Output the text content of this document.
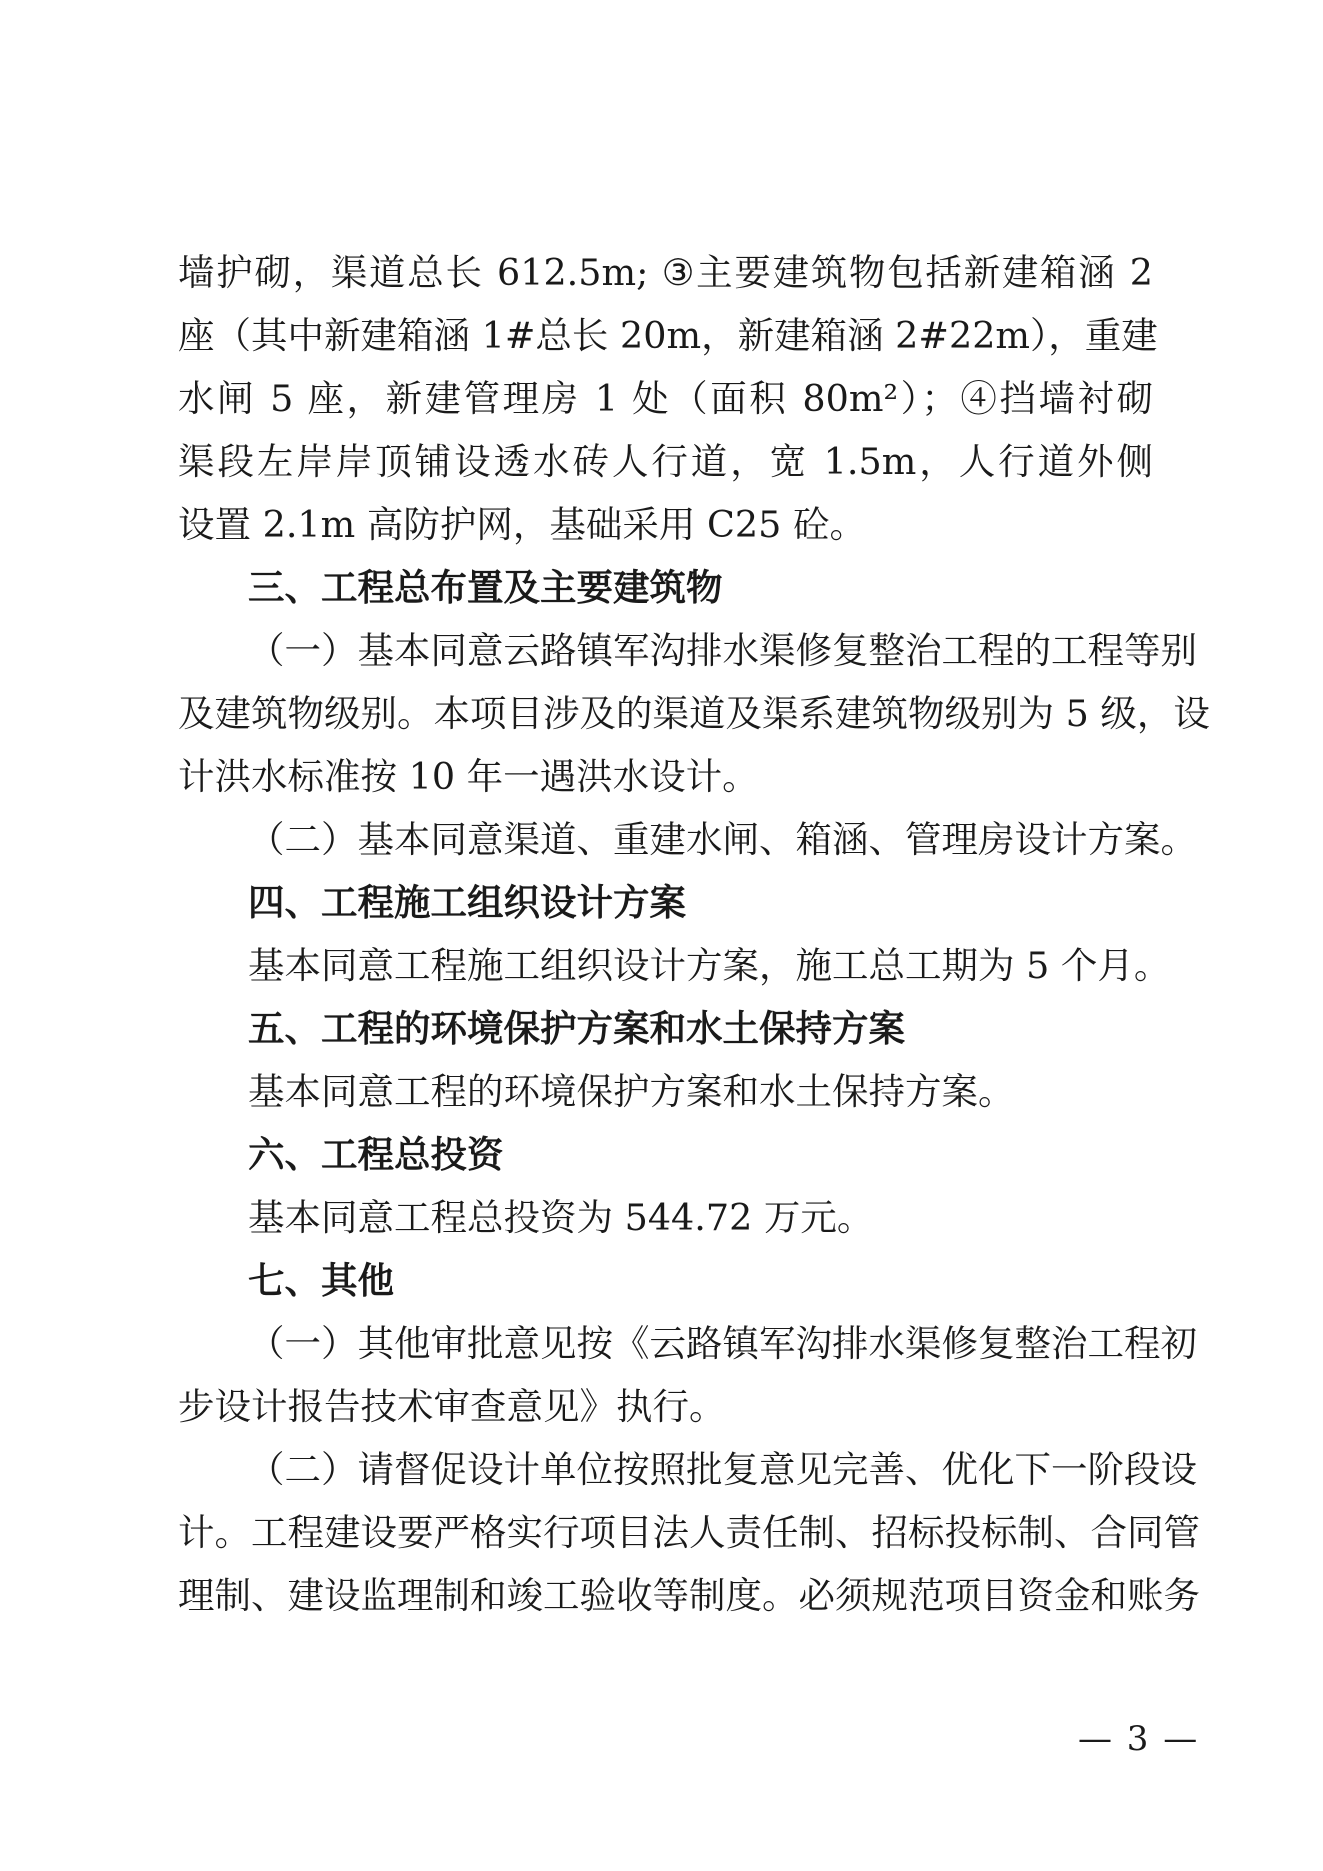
墙护砌，渠道总长 612.5m; ③主要建筑物包括新建箱涵 2
座（其中新建箱涵 1#总长 20m，新建箱涵 2#22m），重建
水闸 5 座，新建管理房 1 处（面积 80m²）；④挡墙衬砌
渠段左岸岸顶铺设透水砖人行道，宽 1.5m，人行道外侧
设置 2.1m 高防护网，基础采用 C25 砼。
三、工程总布置及主要建筑物
（一）基本同意云路镇军沟排水渠修复整治工程的工程等别
及建筑物级别。本项目涉及的渠道及渠系建筑物级别为 5 级，设
计洪水标准按 10 年一遇洪水设计。
（二）基本同意渠道、重建水闸、箱涵、管理房设计方案。
四、工程施工组织设计方案
基本同意工程施工组织设计方案，施工总工期为 5 个月。
五、工程的环境保护方案和水土保持方案
基本同意工程的环境保护方案和水土保持方案。
六、工程总投资
基本同意工程总投资为 544.72 万元。
七、其他
（一）其他审批意见按《云路镇军沟排水渠修复整治工程初
步设计报告技术审查意见》执行。
（二）请督促设计单位按照批复意见完善、优化下一阶段设
计。工程建设要严格实行项目法人责任制、招标投标制、合同管
理制、建设监理制和竣工验收等制度。必须规范项目资金和账务
— 3 —
